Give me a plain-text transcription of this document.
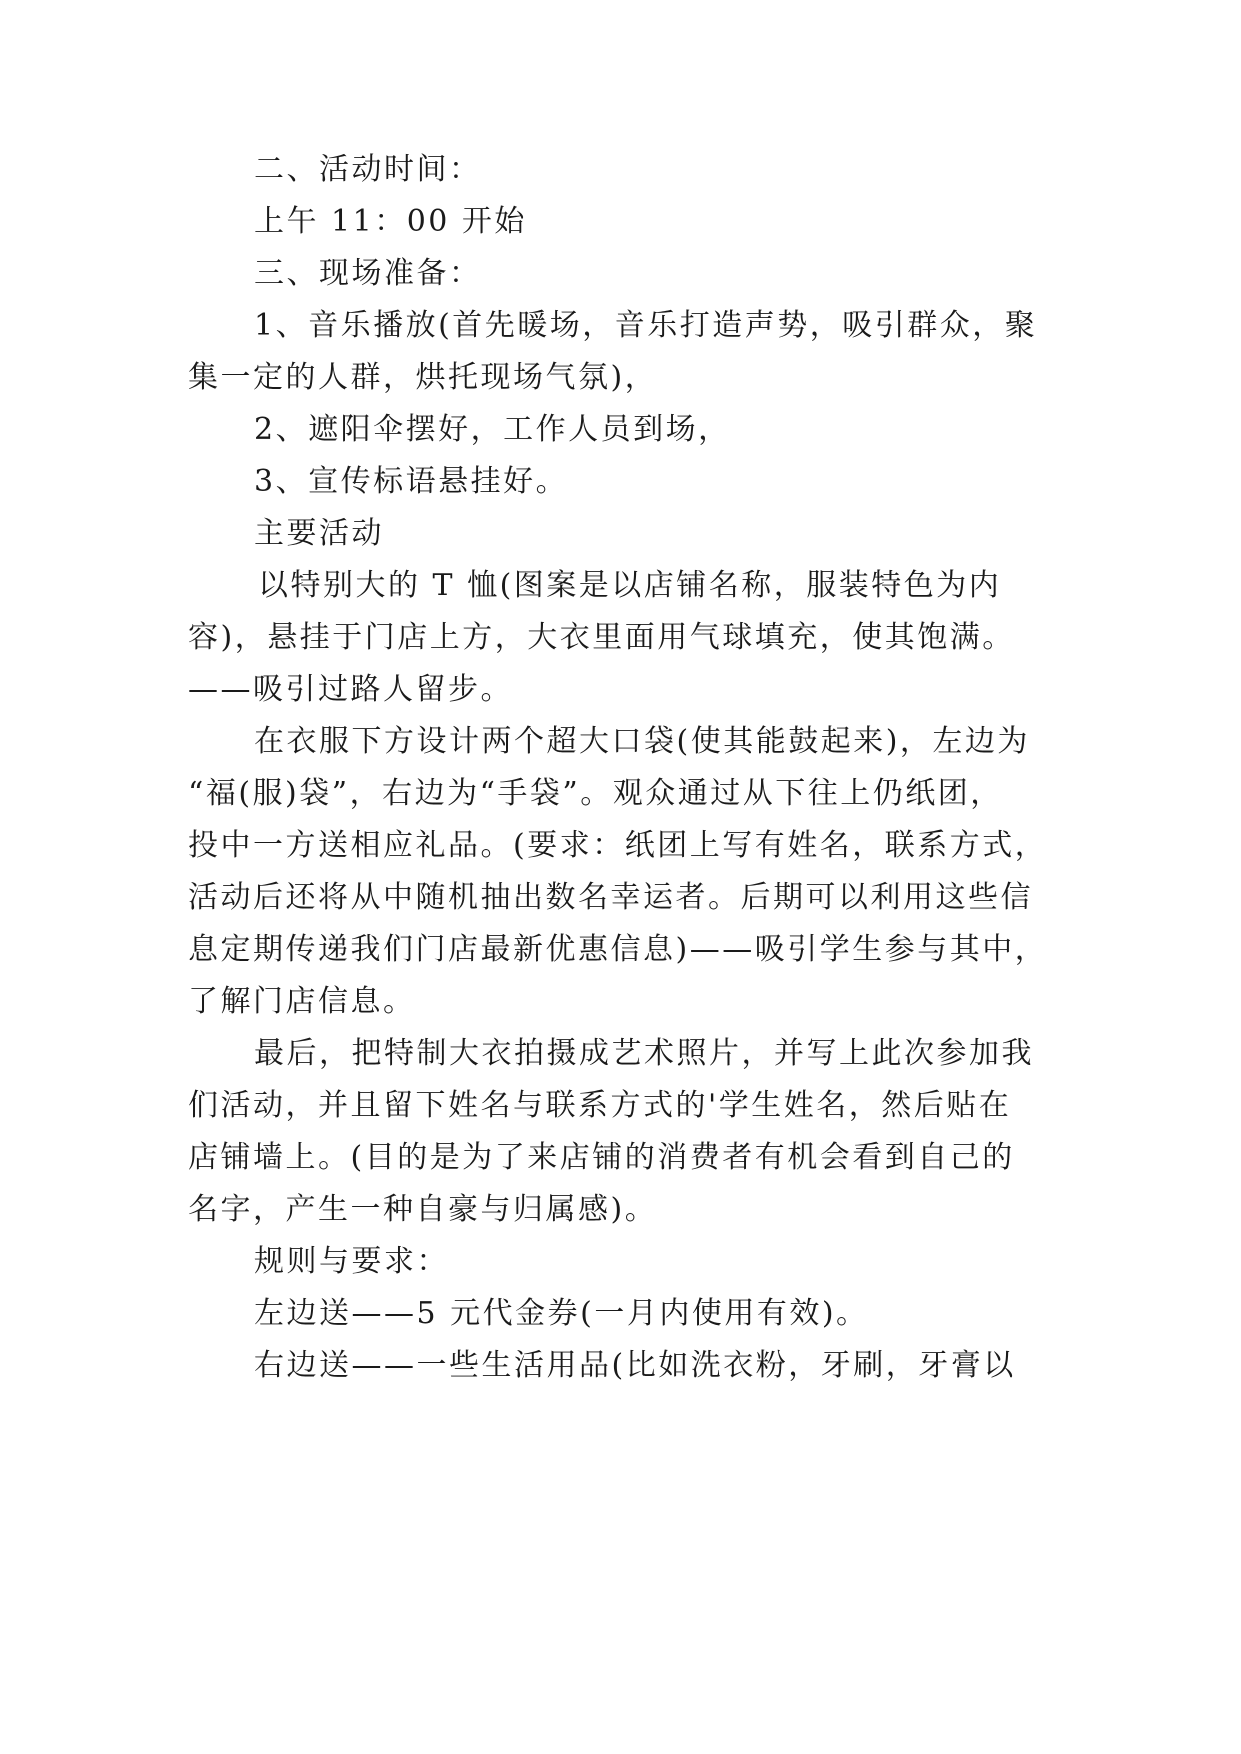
二、活动时间：
上午 11：00 开始
三、现场准备：
1、音乐播放(首先暖场，音乐打造声势，吸引群众，聚
集一定的人群，烘托现场气氛)，
2、遮阳伞摆好，工作人员到场，
3、宣传标语悬挂好。
主要活动
以特别大的 T 恤(图案是以店铺名称，服装特色为内
容)，悬挂于门店上方，大衣里面用气球填充，使其饱满。
——吸引过路人留步。
在衣服下方设计两个超大口袋(使其能鼓起来)，左边为
“福(服)袋”，右边为“手袋”。观众通过从下往上仍纸团，
投中一方送相应礼品。(要求：纸团上写有姓名，联系方式，
活动后还将从中随机抽出数名幸运者。后期可以利用这些信
息定期传递我们门店最新优惠信息)——吸引学生参与其中，
了解门店信息。
最后，把特制大衣拍摄成艺术照片，并写上此次参加我
们活动，并且留下姓名与联系方式的'学生姓名，然后贴在
店铺墙上。(目的是为了来店铺的消费者有机会看到自己的
名字，产生一种自豪与归属感)。
规则与要求：
左边送——5 元代金券(一月内使用有效)。
右边送——一些生活用品(比如洗衣粉，牙刷，牙膏以
